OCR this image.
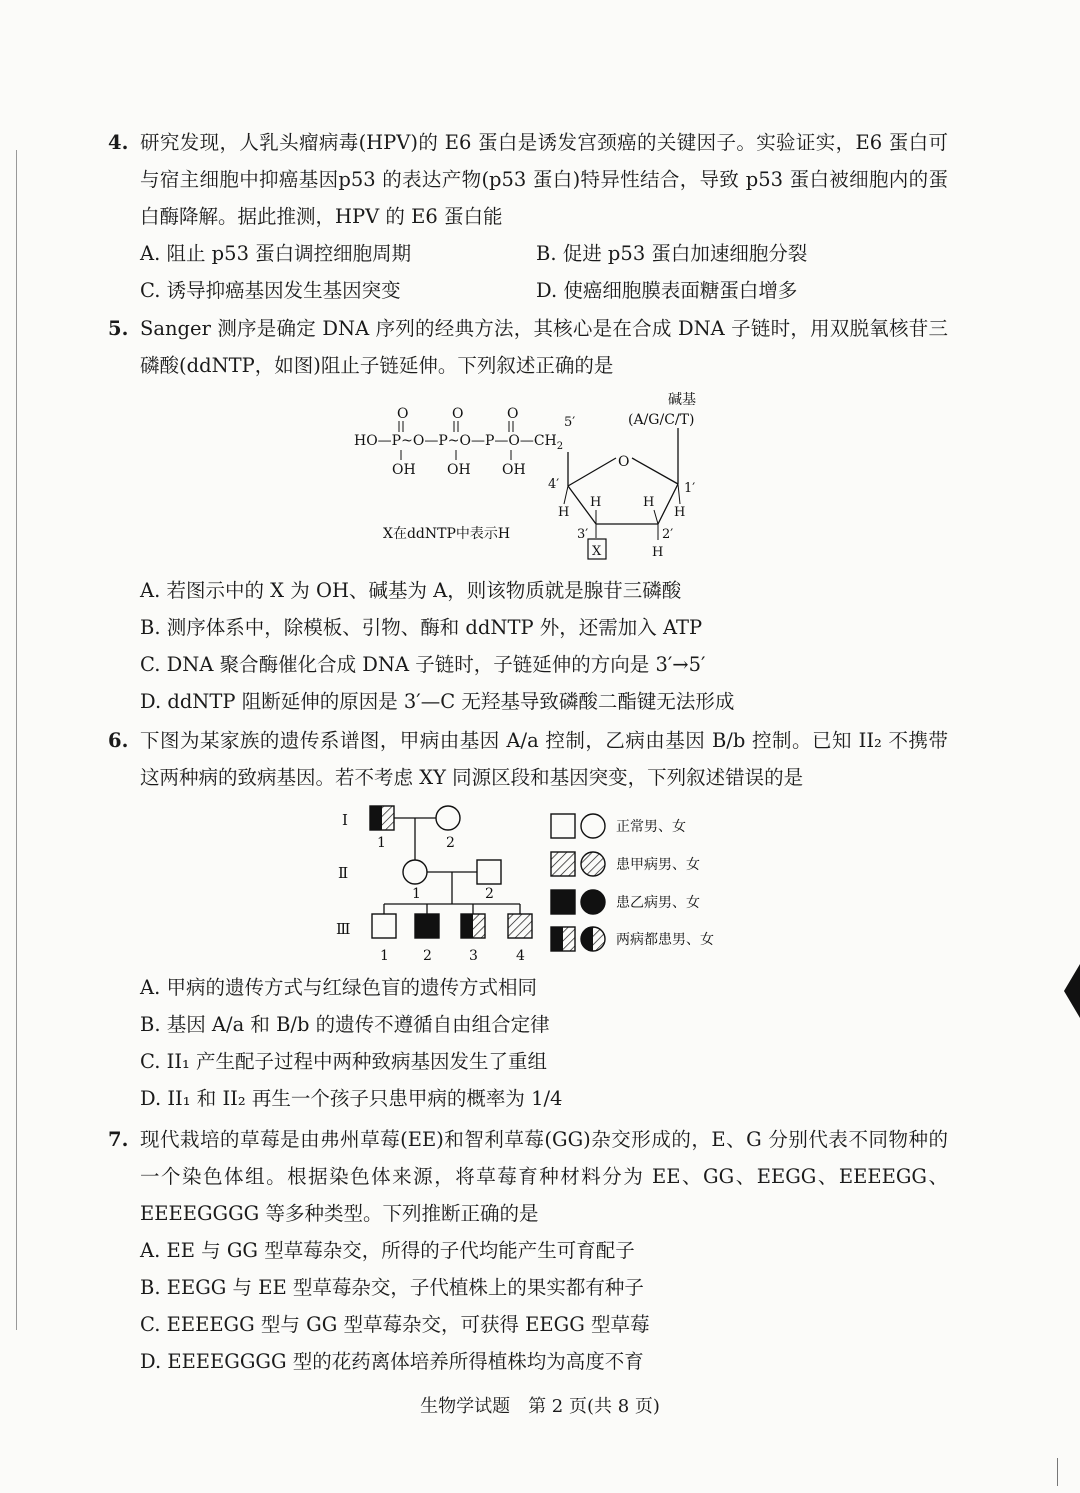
4. 研究发现，人乳头瘤病毒(HPV)的 E6 蛋白是诱发宫颈癌的关键因子。实验证实，E6 蛋白可与宿主细胞中抑癌基因p53 的表达产物(p53 蛋白)特异性结合，导致 p53 蛋白被细胞内的蛋白酶降解。据此推测，HPV 的 E6 蛋白能
A. 阻止 p53 蛋白调控细胞周期	B. 促进 p53 蛋白加速细胞分裂
C. 诱导抑癌基因发生基因突变	D. 使癌细胞膜表面糖蛋白增多
5. Sanger 测序是确定 DNA 序列的经典方法，其核心是在合成 DNA 子链时，用双脱氧核苷三磷酸(ddNTP，如图)阻止子链延伸。下列叙述正确的是
碱基
(A/G/C/T)
O	O	O
5′
$HO—P\sim O—P\sim O—P—O—CH_2$
OH OH OH	O
4′	1′
H
H	H
H
3′	2′
X	H
X在ddNTP中表示H
A. 若图示中的 X 为 OH、碱基为 A，则该物质就是腺苷三磷酸
B. 测序体系中，除模板、引物、酶和 ddNTP 外，还需加入 ATP
C. DNA 聚合酶催化合成 DNA 子链时，子链延伸的方向是 3′→5′
D. ddNTP 阻断延伸的原因是 3′—C 无羟基导致磷酸二酯键无法形成
6. 下图为某家族的遗传系谱图，甲病由基因 A/a 控制，乙病由基因 B/b 控制。已知 II₂ 不携带这两种病的致病基因。若不考虑 XY 同源区段和基因突变，下列叙述错误的是
Ⅰ
Ⅱ
Ⅲ
1	2
1	2
1 2	3	4
正常男、女
患甲病男、女
患乙病男、女
两病都患男、女
A. 甲病的遗传方式与红绿色盲的遗传方式相同
B. 基因 A/a 和 B/b 的遗传不遵循自由组合定律
C. II₁ 产生配子过程中两种致病基因发生了重组
D. II₁ 和 II₂ 再生一个孩子只患甲病的概率为 1/4
7. 现代栽培的草莓是由弗州草莓(EE)和智利草莓(GG)杂交形成的，E、G 分别代表不同物种的一个染色体组。根据染色体来源，将草莓育种材料分为 EE、GG、EEGG、EEEEGG、EEEEGGGG 等多种类型。下列推断正确的是
A. EE 与 GG 型草莓杂交，所得的子代均能产生可育配子
B. EEGG 与 EE 型草莓杂交，子代植株上的果实都有种子
C. EEEEGG 型与 GG 型草莓杂交，可获得 EEGG 型草莓
D. EEEEGGGG 型的花药离体培养所得植株均为高度不育
生物学试题　第 2 页(共 8 页)
